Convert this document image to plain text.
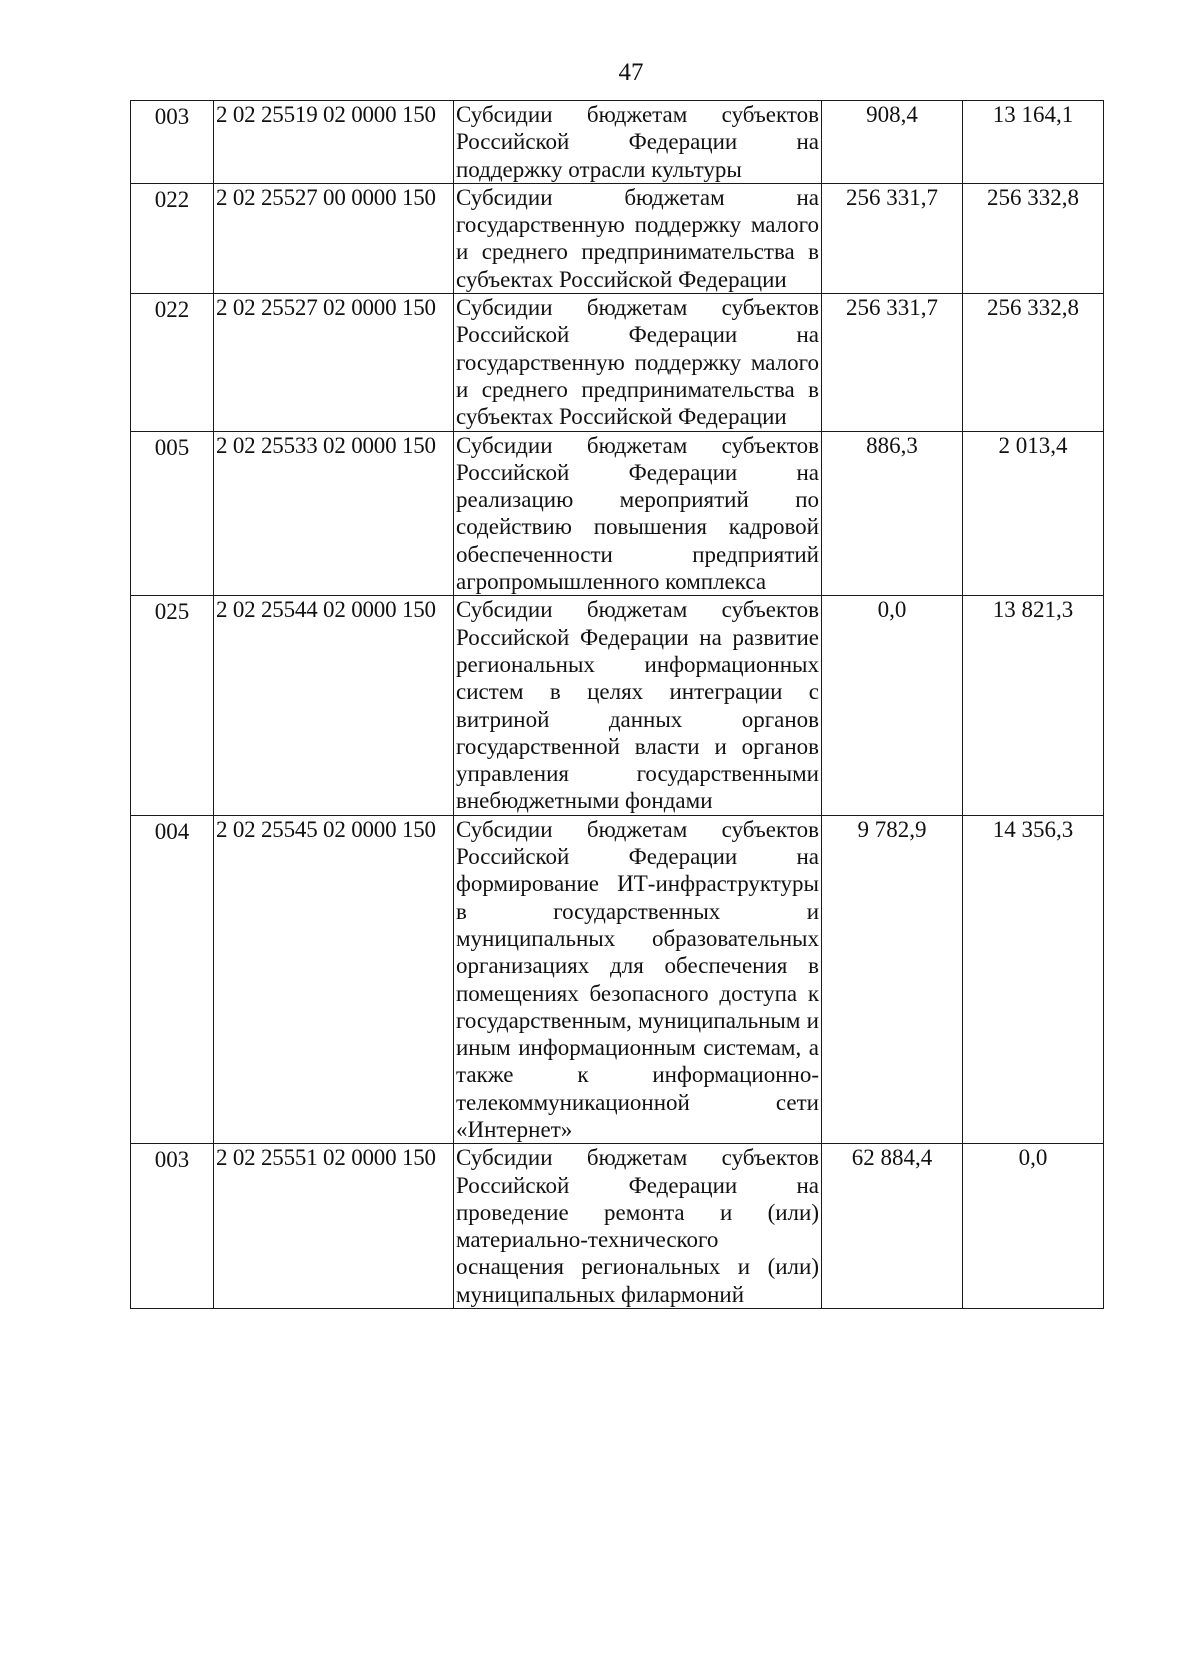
47
003	2 02 25519 02 0000 150	Субсидии бюджетам субъектов Российской Федерации на поддержку отрасли культуры	908,4	13 164,1
022	2 02 25527 00 0000 150	Субсидии бюджетам на государственную поддержку малого и среднего предпринимательства в субъектах Российской Федерации	256 331,7	256 332,8
022	2 02 25527 02 0000 150	Субсидии бюджетам субъектов Российской Федерации на государственную поддержку малого и среднего предпринимательства в субъектах Российской Федерации	256 331,7	256 332,8
005	2 02 25533 02 0000 150	Субсидии бюджетам субъектов Российской Федерации на реализацию мероприятий по содействию повышения кадровой обеспеченности предприятий агропромышленного комплекса	886,3	2 013,4
025	2 02 25544 02 0000 150	Субсидии бюджетам субъектов Российской Федерации на развитие региональных информационных систем в целях интеграции с витриной данных органов государственной власти и органов управления государственными внебюджетными фондами	0,0	13 821,3
004	2 02 25545 02 0000 150	Субсидии бюджетам субъектов Российской Федерации на формирование ИТ-инфраструктуры в государственных и муниципальных образовательных организациях для обеспечения в помещениях безопасного доступа к государственным, муниципальным и иным информационным системам, а также к информационно-телекоммуникационной сети «Интернет»	9 782,9	14 356,3
003	2 02 25551 02 0000 150	Субсидии бюджетам субъектов Российской Федерации на проведение ремонта и (или) материально-технического оснащения региональных и (или) муниципальных филармоний	62 884,4	0,0
